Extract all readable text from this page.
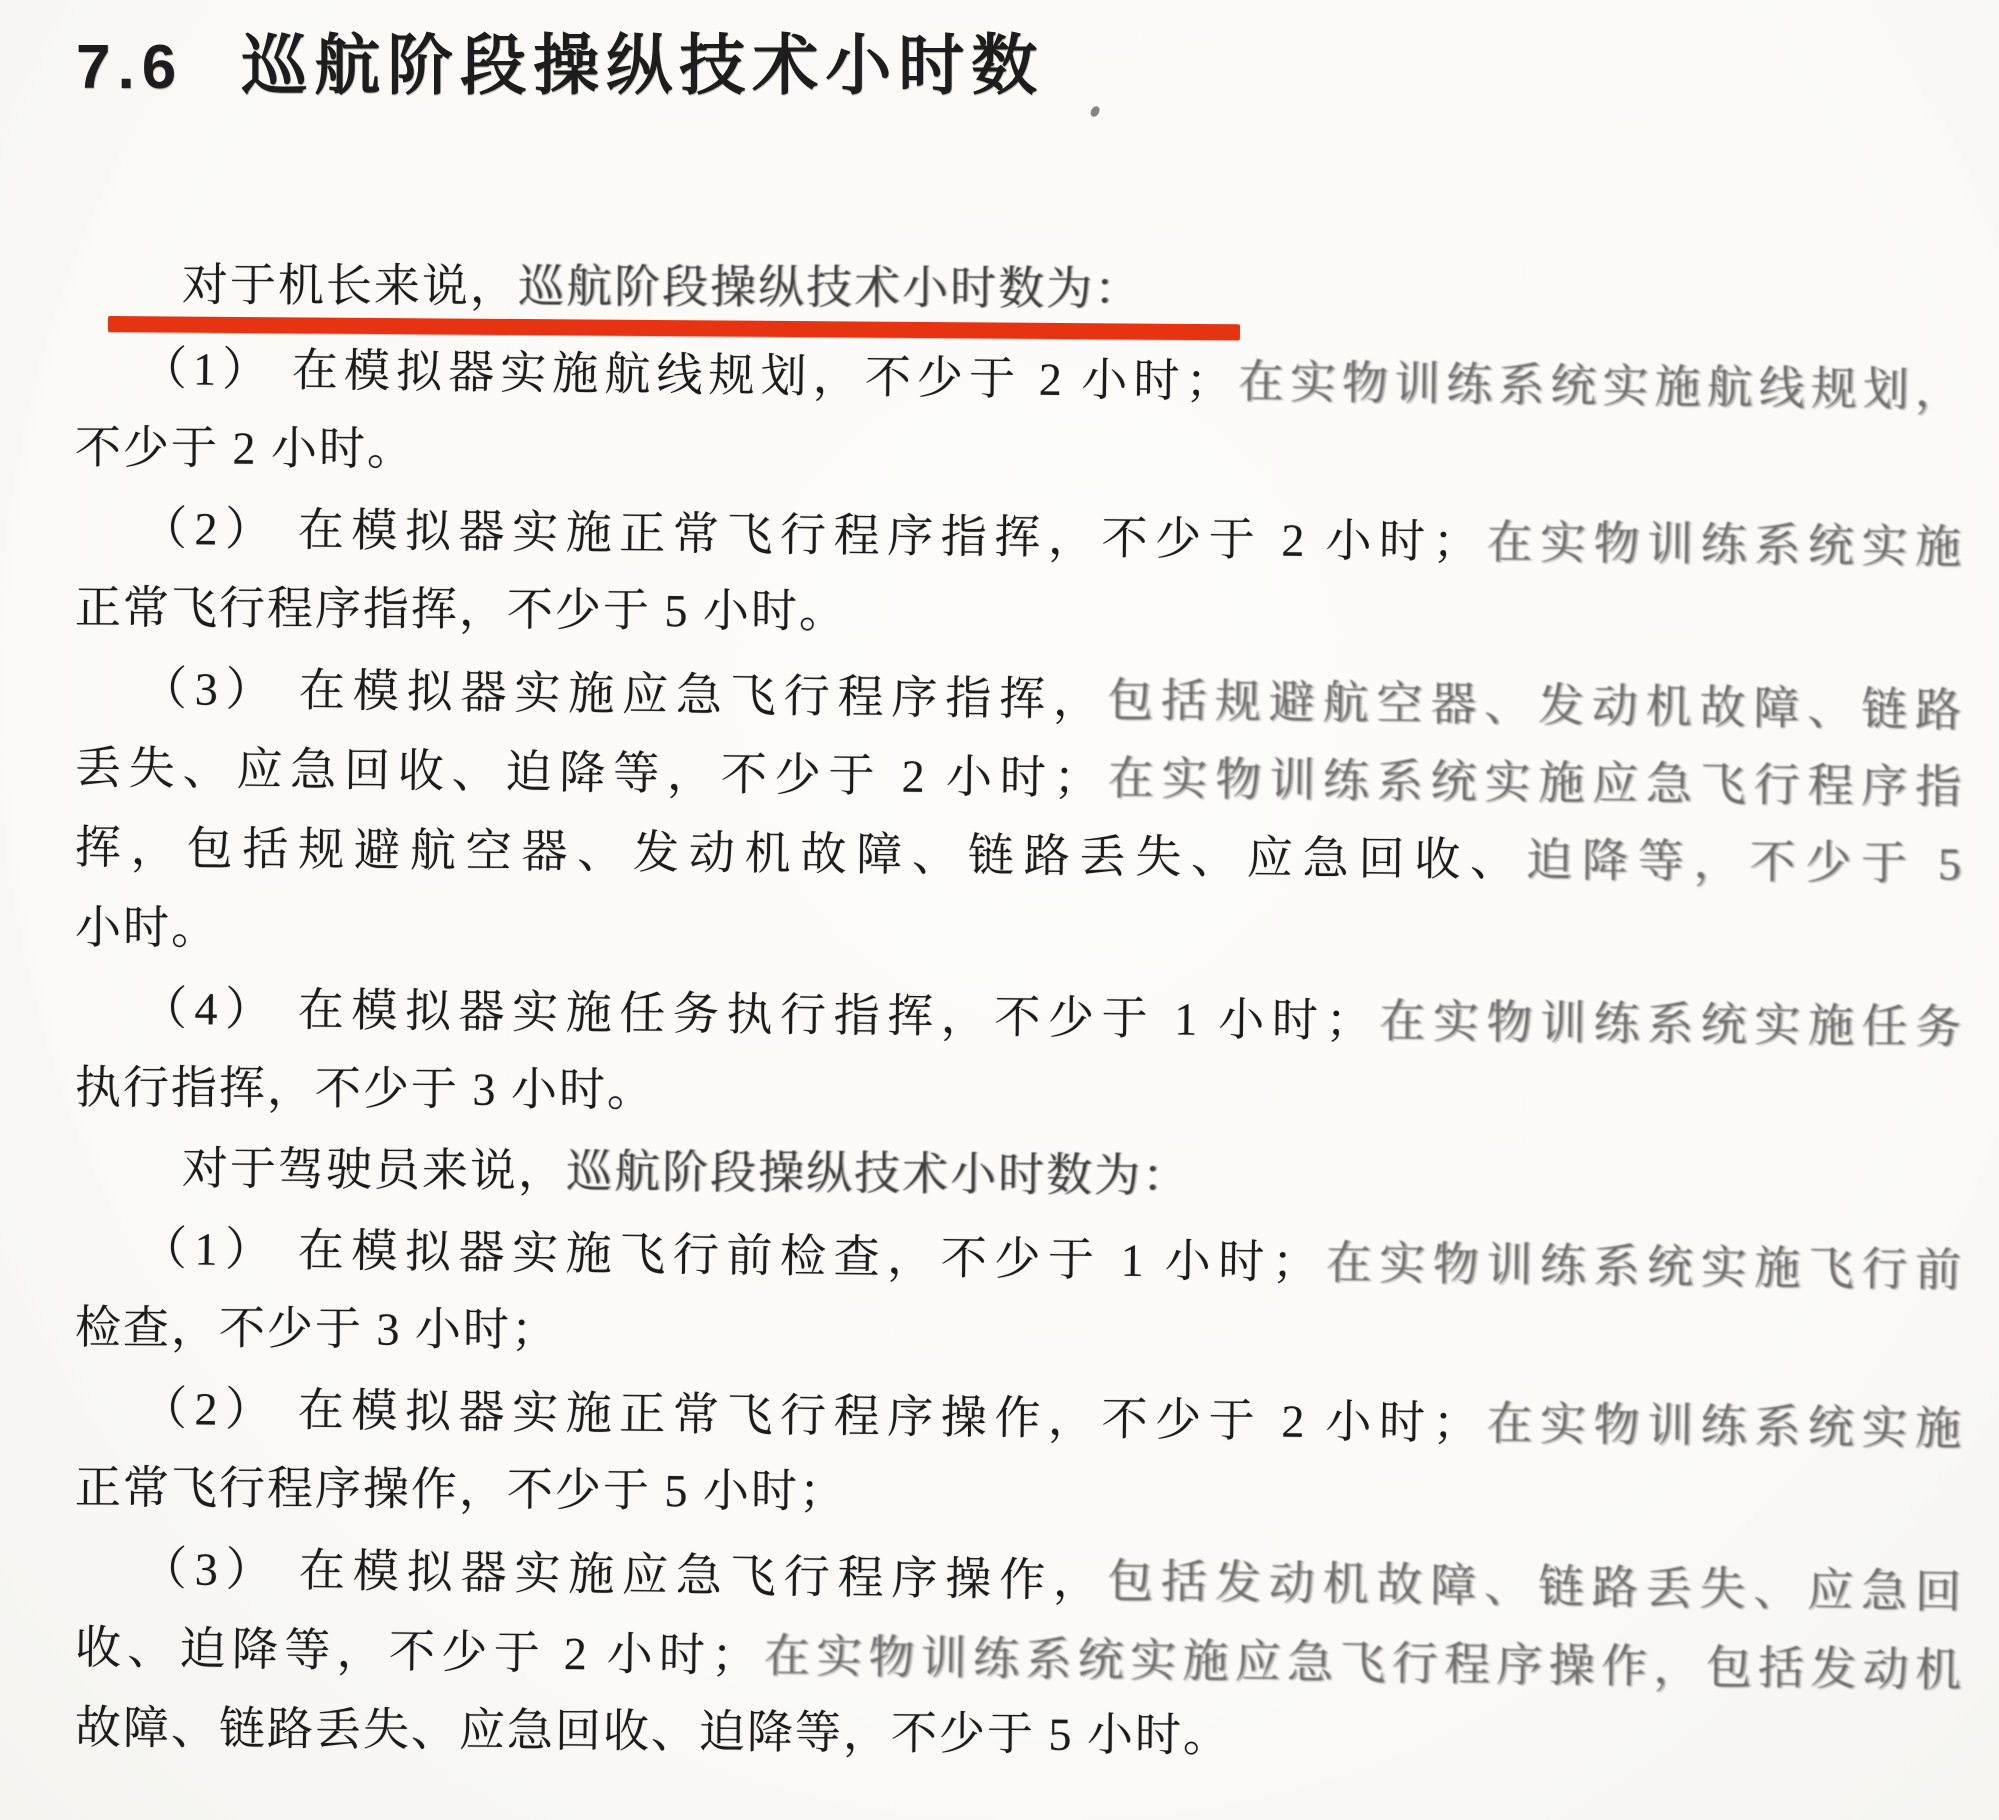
7.6 巡航阶段操纵技术小时数
对于机长来说，巡航阶段操纵技术小时数为：
（1） 在模拟器实施航线规划，不少于 2 小时；在实物训练系统实施航线规划，
不少于 2 小时。
（2） 在模拟器实施正常飞行程序指挥，不少于 2 小时；在实物训练系统实施
正常飞行程序指挥，不少于 5 小时。
（3） 在模拟器实施应急飞行程序指挥，包括规避航空器、发动机故障、链路
丢失、应急回收、迫降等，不少于 2 小时；在实物训练系统实施应急飞行程序指
挥，包括规避航空器、发动机故障、链路丢失、应急回收、迫降等，不少于 5
小时。
（4） 在模拟器实施任务执行指挥，不少于 1 小时；在实物训练系统实施任务
执行指挥，不少于 3 小时。
对于驾驶员来说，巡航阶段操纵技术小时数为：
（1） 在模拟器实施飞行前检查，不少于 1 小时；在实物训练系统实施飞行前
检查，不少于 3 小时；
（2） 在模拟器实施正常飞行程序操作，不少于 2 小时；在实物训练系统实施
正常飞行程序操作，不少于 5 小时；
（3） 在模拟器实施应急飞行程序操作，包括发动机故障、链路丢失、应急回
收、迫降等，不少于 2 小时；在实物训练系统实施应急飞行程序操作，包括发动机
故障、链路丢失、应急回收、迫降等，不少于 5 小时。
